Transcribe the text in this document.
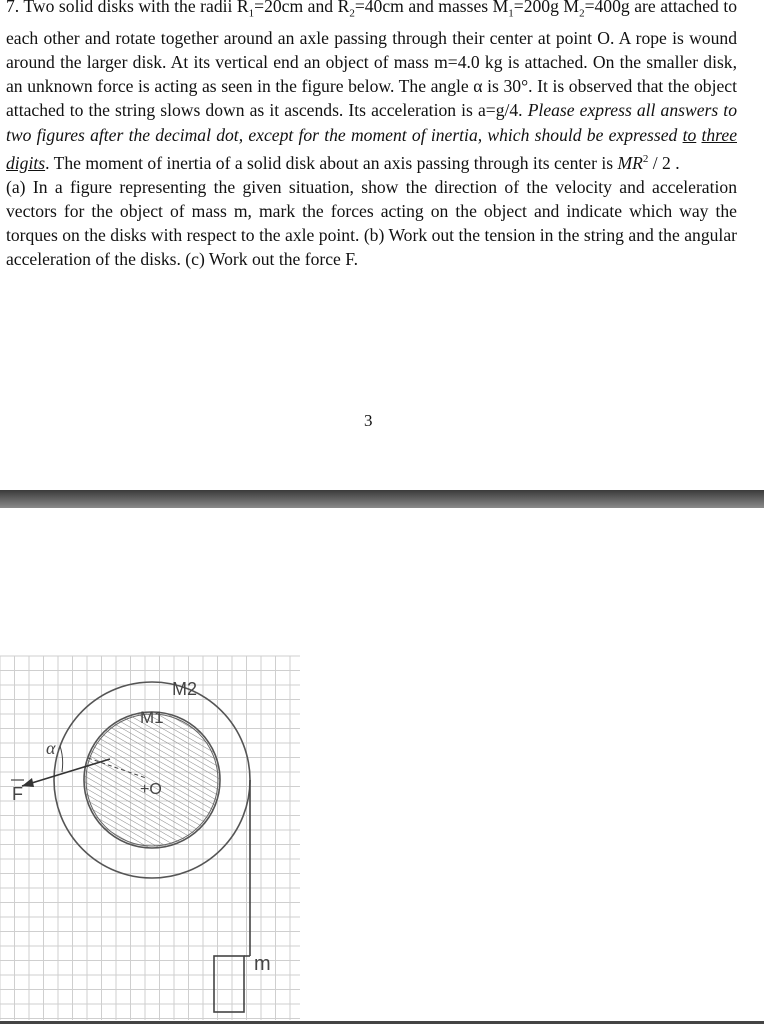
7. Two solid disks with the radii $R_1=20cm$ and $R_2=40cm$ and masses $M_1=200g$ $M_2=400g$ are attached to each other and rotate together around an axle passing through their center at point O. A rope is wound around the larger disk. At its vertical end an object of mass m=4.0 kg is attached. On the smaller disk, an unknown force is acting as seen in the figure below. The angle α is 30°. It is observed that the object attached to the string slows down as it ascends. Its acceleration is a=g/4. Please express all answers to two figures after the decimal dot, except for the moment of inertia, which should be expressed to three digits. The moment of inertia of a solid disk about an axis passing through its center is $MR^2 / 2$ .

(a) In a figure representing the given situation, show the direction of the velocity and acceleration vectors for the object of mass m, mark the forces acting on the object and indicate which way the torques on the disks with respect to the axle point. (b) Work out the tension in the string and the angular acceleration of the disks. (c) Work out the force F.

3
M2
M1
+O
α
F
m
